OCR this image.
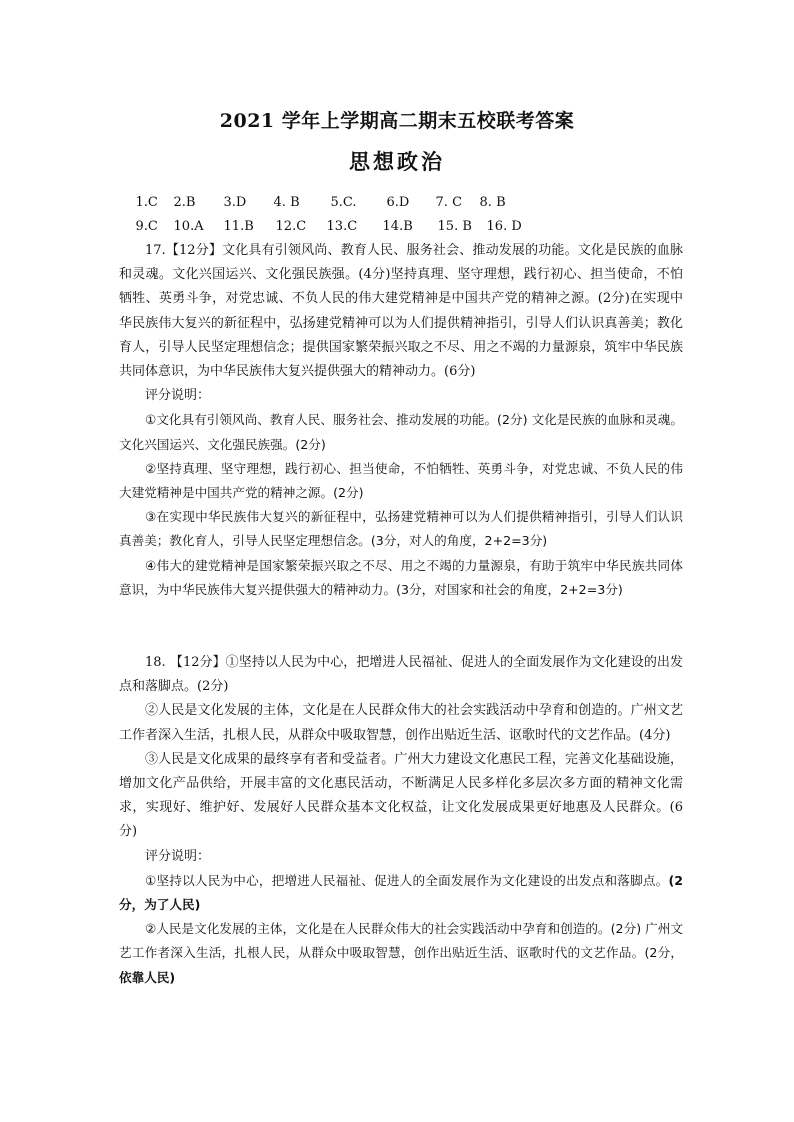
2021 学年上学期高二期末五校联考答案
思想政治

1.C 2.B 3.D 4. B 5.C. 6.D 7. C 8. B

9.C 10.A 11.B 12.C 13.C 14.B 15. B 16. D

17.【12分】文化具有引领风尚、教育人民、服务社会、推动发展的功能。文化是民族的血脉和灵魂。文化兴国运兴、文化强民族强。(4分)坚持真理、坚守理想，践行初心、担当使命，不怕牺牲、英勇斗争，对党忠诚、不负人民的伟大建党精神是中国共产党的精神之源。(2分)在实现中华民族伟大复兴的新征程中，弘扬建党精神可以为人们提供精神指引，引导人们认识真善美；教化育人，引导人民坚定理想信念；提供国家繁荣振兴取之不尽、用之不竭的力量源泉，筑牢中华民族共同体意识，为中华民族伟大复兴提供强大的精神动力。(6分)

评分说明：

①文化具有引领风尚、教育人民、服务社会、推动发展的功能。(2分) 文化是民族的血脉和灵魂。文化兴国运兴、文化强民族强。(2分)

②坚持真理、坚守理想，践行初心、担当使命，不怕牺牲、英勇斗争，对党忠诚、不负人民的伟大建党精神是中国共产党的精神之源。(2分)

③在实现中华民族伟大复兴的新征程中，弘扬建党精神可以为人们提供精神指引，引导人们认识真善美；教化育人，引导人民坚定理想信念。(3分，对人的角度，2+2=3分)

④伟大的建党精神是国家繁荣振兴取之不尽、用之不竭的力量源泉，有助于筑牢中华民族共同体意识，为中华民族伟大复兴提供强大的精神动力。(3分，对国家和社会的角度，2+2=3分)

18. 【12分】①坚持以人民为中心，把增进人民福祉、促进人的全面发展作为文化建设的出发点和落脚点。(2分)

②人民是文化发展的主体，文化是在人民群众伟大的社会实践活动中孕育和创造的。广州文艺工作者深入生活，扎根人民，从群众中吸取智慧，创作出贴近生活、讴歌时代的文艺作品。(4分)

③人民是文化成果的最终享有者和受益者。广州大力建设文化惠民工程，完善文化基础设施，增加文化产品供给，开展丰富的文化惠民活动，不断满足人民多样化多层次多方面的精神文化需求，实现好、维护好、发展好人民群众基本文化权益，让文化发展成果更好地惠及人民群众。(6分)

评分说明：

①坚持以人民为中心，把增进人民福祉、促进人的全面发展作为文化建设的出发点和落脚点。(2分，为了人民)

②人民是文化发展的主体，文化是在人民群众伟大的社会实践活动中孕育和创造的。(2分) 广州文艺工作者深入生活，扎根人民，从群众中吸取智慧，创作出贴近生活、讴歌时代的文艺作品。(2分，依靠人民)
